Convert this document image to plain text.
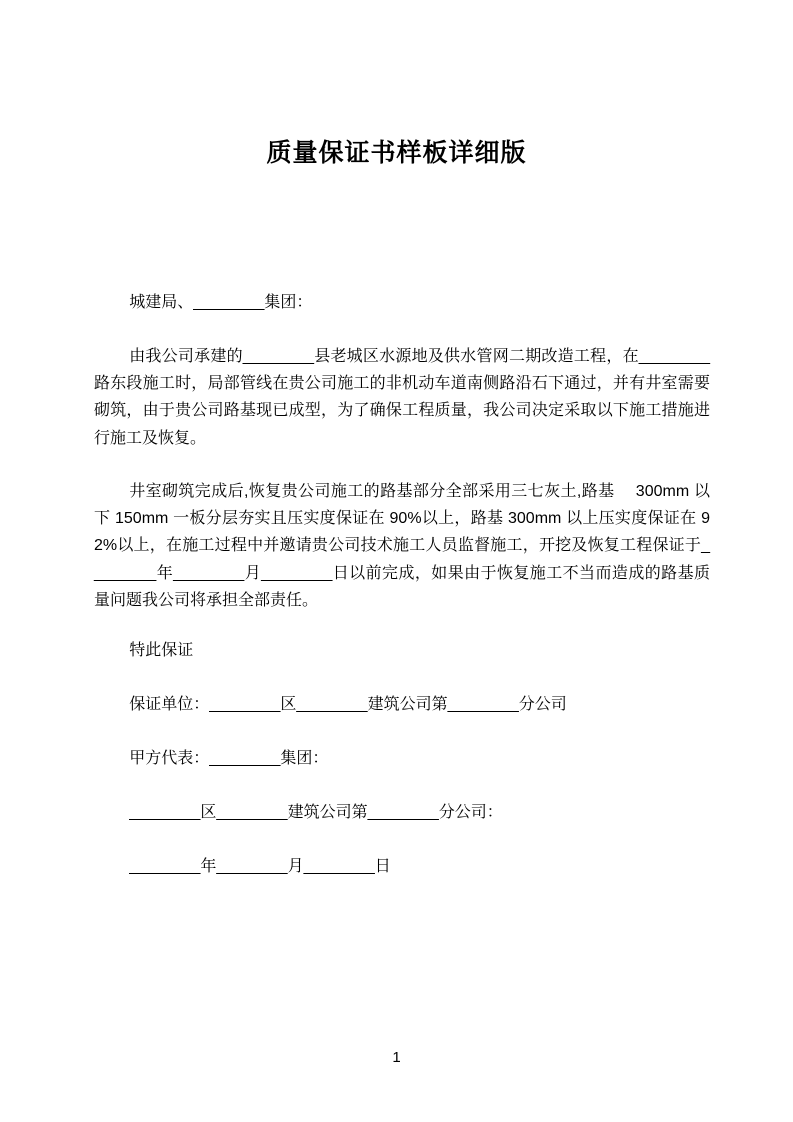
质量保证书样板详细版
城建局、________集团：
由我公司承建的________县老城区水源地及供水管网二期改造工程，在________路东段施工时，局部管线在贵公司施工的非机动车道南侧路沿石下通过，并有井室需要砌筑，由于贵公司路基现已成型，为了确保工程质量，我公司决定采取以下施工措施进行施工及恢复。
井室砌筑完成后,恢复贵公司施工的路基部分全部采用三七灰土,路基　 300mm 以下 150mm 一板分层夯实且压实度保证在 90%以上，路基 300mm 以上压实度保证在 92%以上，在施工过程中并邀请贵公司技术施工人员监督施工，开挖及恢复工程保证于________年________月________日以前完成，如果由于恢复施工不当而造成的路基质量问题我公司将承担全部责任。
特此保证
保证单位：________区________建筑公司第________分公司
甲方代表：________集团：
________区________建筑公司第________分公司：
________年________月________日
1
